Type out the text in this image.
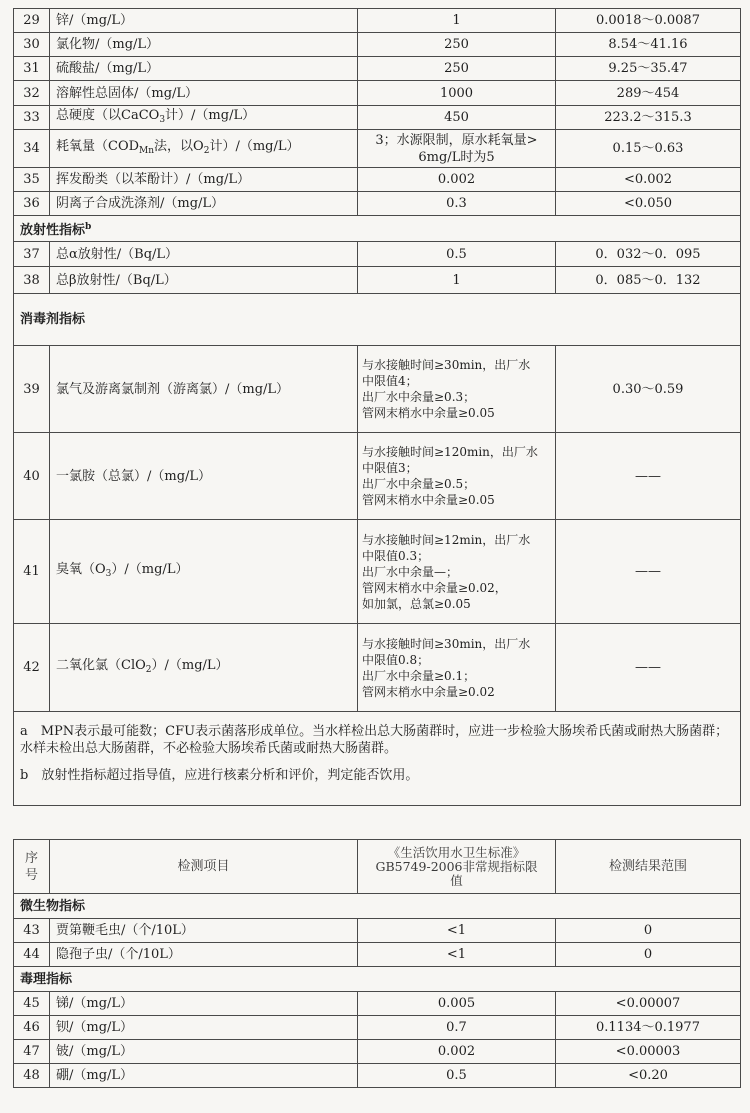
29	锌/（mg/L）	1	0.0018～0.0087
30	氯化物/（mg/L）	250	8.54～41.16
31	硫酸盐/（mg/L）	250	9.25～35.47
32	溶解性总固体/（mg/L）	1000	289～454
33	总硬度（以CaCO$_3$计）/（mg/L）	450	223.2～315.3
34	耗氧量（$COD_{Mn}$法，以$O_2$计）/（mg/L）	3；水源限制，原水耗氧量>
6mg/L时为5	0.15～0.63
35	挥发酚类（以苯酚计）/（mg/L）	0.002	<0.002
36	阴离子合成洗涤剂/（mg/L）	0.3	<0.050
放射性指标$^b$
37	总α放射性/（Bq/L）	0.5	0．032～0．095
38	总β放射性/（Bq/L）	1	0．085～0．132
消毒剂指标			
39	氯气及游离氯制剂（游离氯）/（mg/L）	与水接触时间≥30min，出厂水
中限值4；
出厂水中余量≥0.3；
管网末梢水中余量≥0.05	0.30～0.59
40	一氯胺（总氯）/（mg/L）	与水接触时间≥120min，出厂水
中限值3；
出厂水中余量≥0.5；
管网末梢水中余量≥0.05	——
41	臭氧$(O_3)/(mg/L)$	与水接触时间≥12min，出厂水
中限值0.3；
出厂水中余量—；
管网末梢水中余量≥0.02，
如加氯，总氯≥0.05	——
42	二氧化氯（ClO$_2$）/（mg/L）	与水接触时间≥30min，出厂水
中限值0.8；
出厂水中余量≥0.1；
管网末梢水中余量≥0.02	——

a　MPN表示最可能数；CFU表示菌落形成单位。当水样检出总大肠菌群时，应进一步检验大肠埃希氏菌或耐热大肠菌群；水样未检出总大肠菌群，不必检验大肠埃希氏菌或耐热大肠菌群。

b　放射性指标超过指导值，应进行核素分析和评价，判定能否饮用。			

序号	检测项目	《生活饮用水卫生标准》
GB5749-2006非常规指标限
值	检测结果范围
微生物指标			
43	贾第鞭毛虫/（个/10L）	<1	0
44	隐孢子虫/（个/10L）	<1	0
毒理指标			
45	锑/（mg/L）	0.005	<0.00007
46	钡/（mg/L）	0.7	0.1134～0.1977
47	铍/（mg/L）	0.002	<0.00003
48	硼/（mg/L）	0.5	<0.20
